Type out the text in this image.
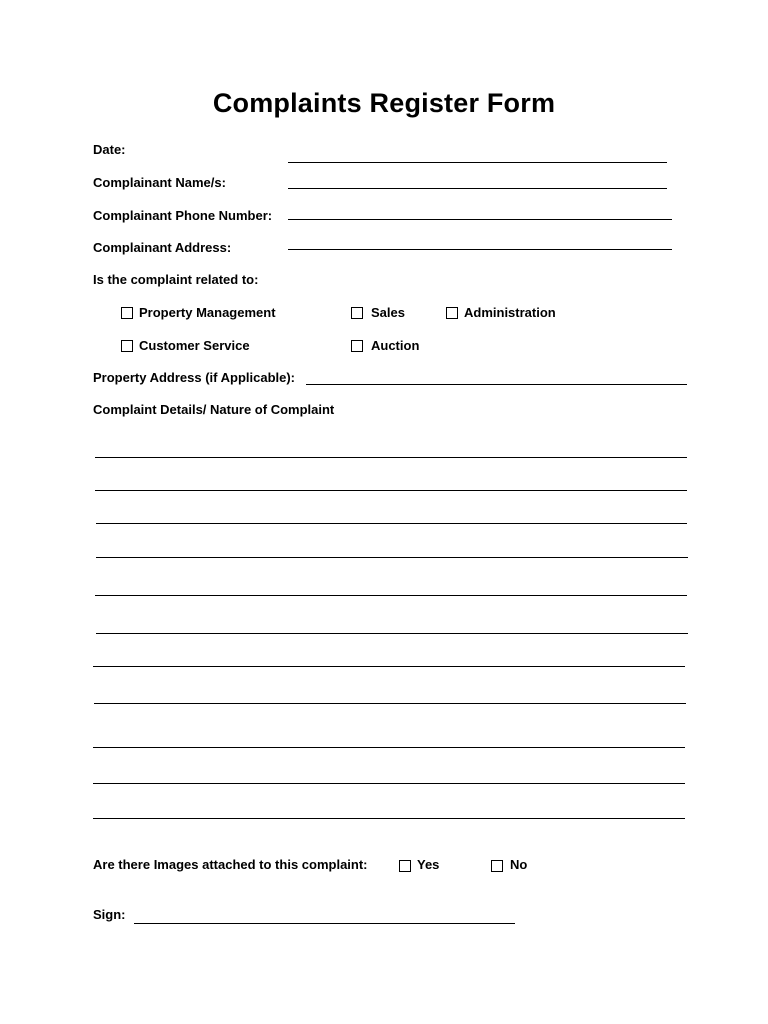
Complaints Register Form
Date:
Complainant Name/s:
Complainant Phone Number:
Complainant Address:
Is the complaint related to:
Property Management	Sales	Administration
Customer Service	Auction
Property Address (if Applicable):
Complaint Details/ Nature of Complaint
Are there Images attached to this complaint:	Yes	No
Sign:
